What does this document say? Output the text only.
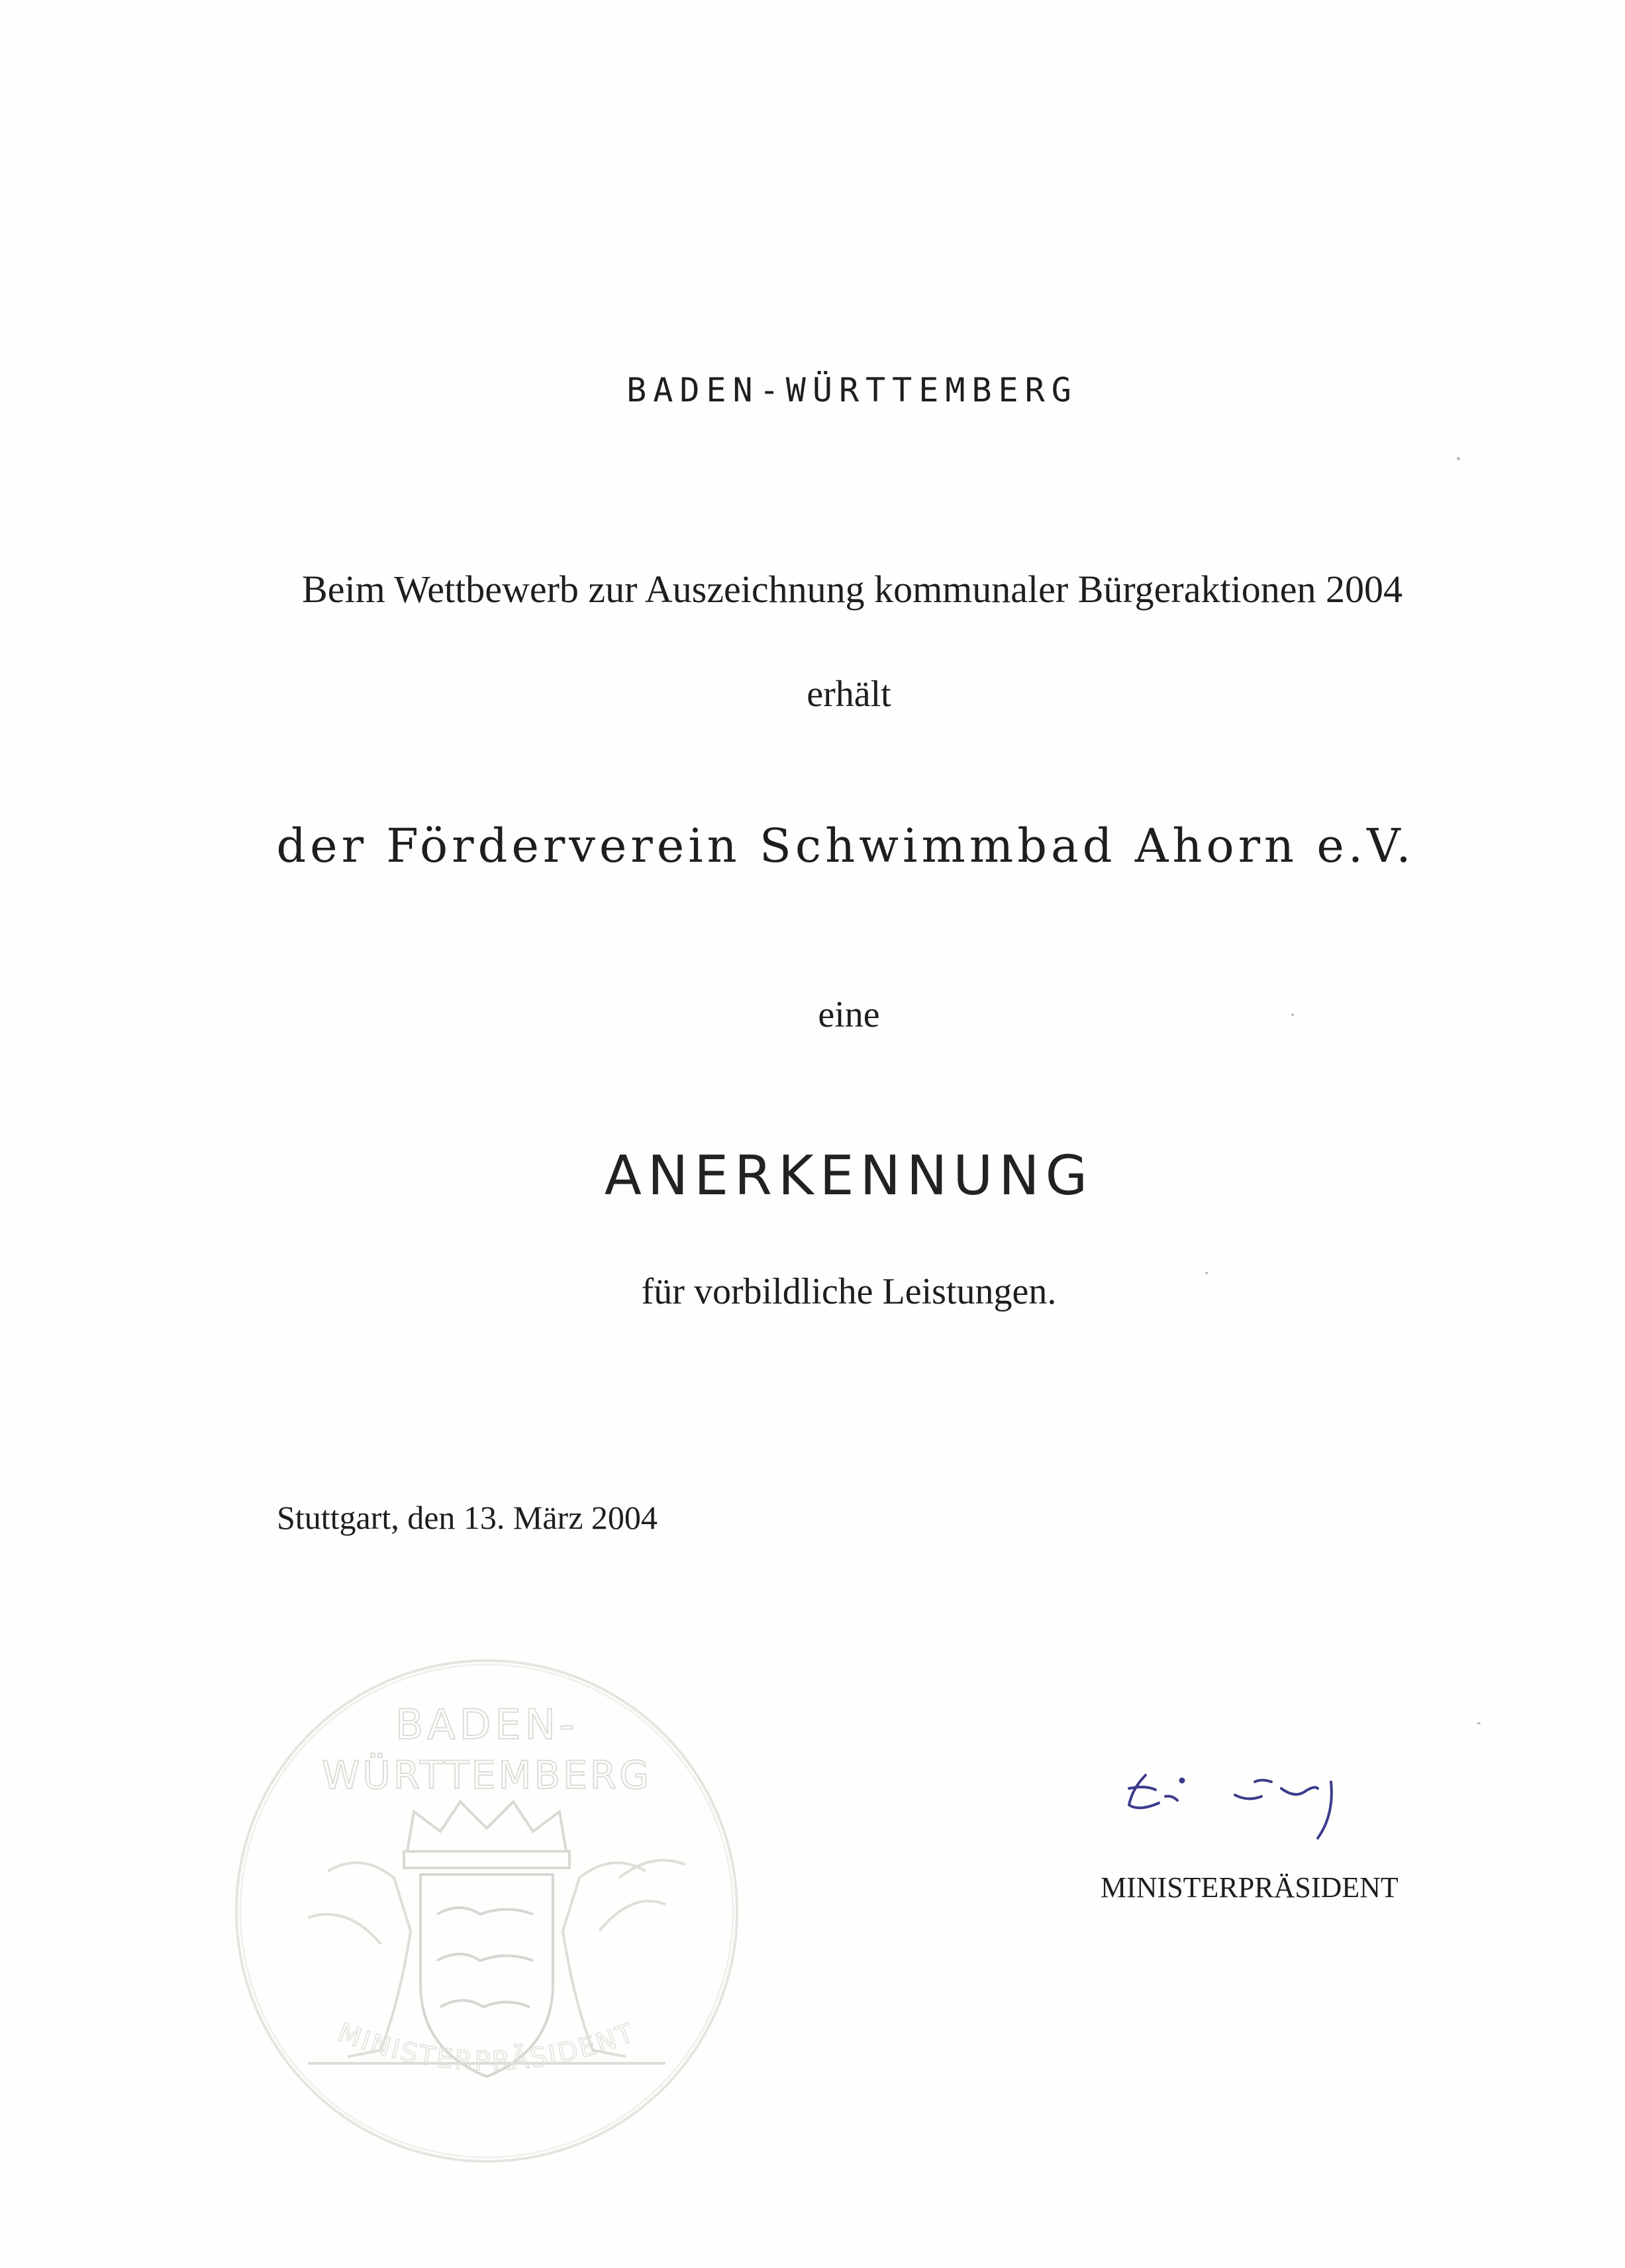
BADEN-WÜRTTEMBERG
Beim Wettbewerb zur Auszeichnung kommunaler Bürgeraktionen 2004
erhält
der Förderverein Schwimmbad Ahorn e.V.
eine
ANERKENNUNG
für vorbildliche Leistungen.
Stuttgart, den 13. März 2004
BADEN-
WÜRTTEMBERG
MINISTERPRÄSIDENT
MINISTERPRÄSIDENT
